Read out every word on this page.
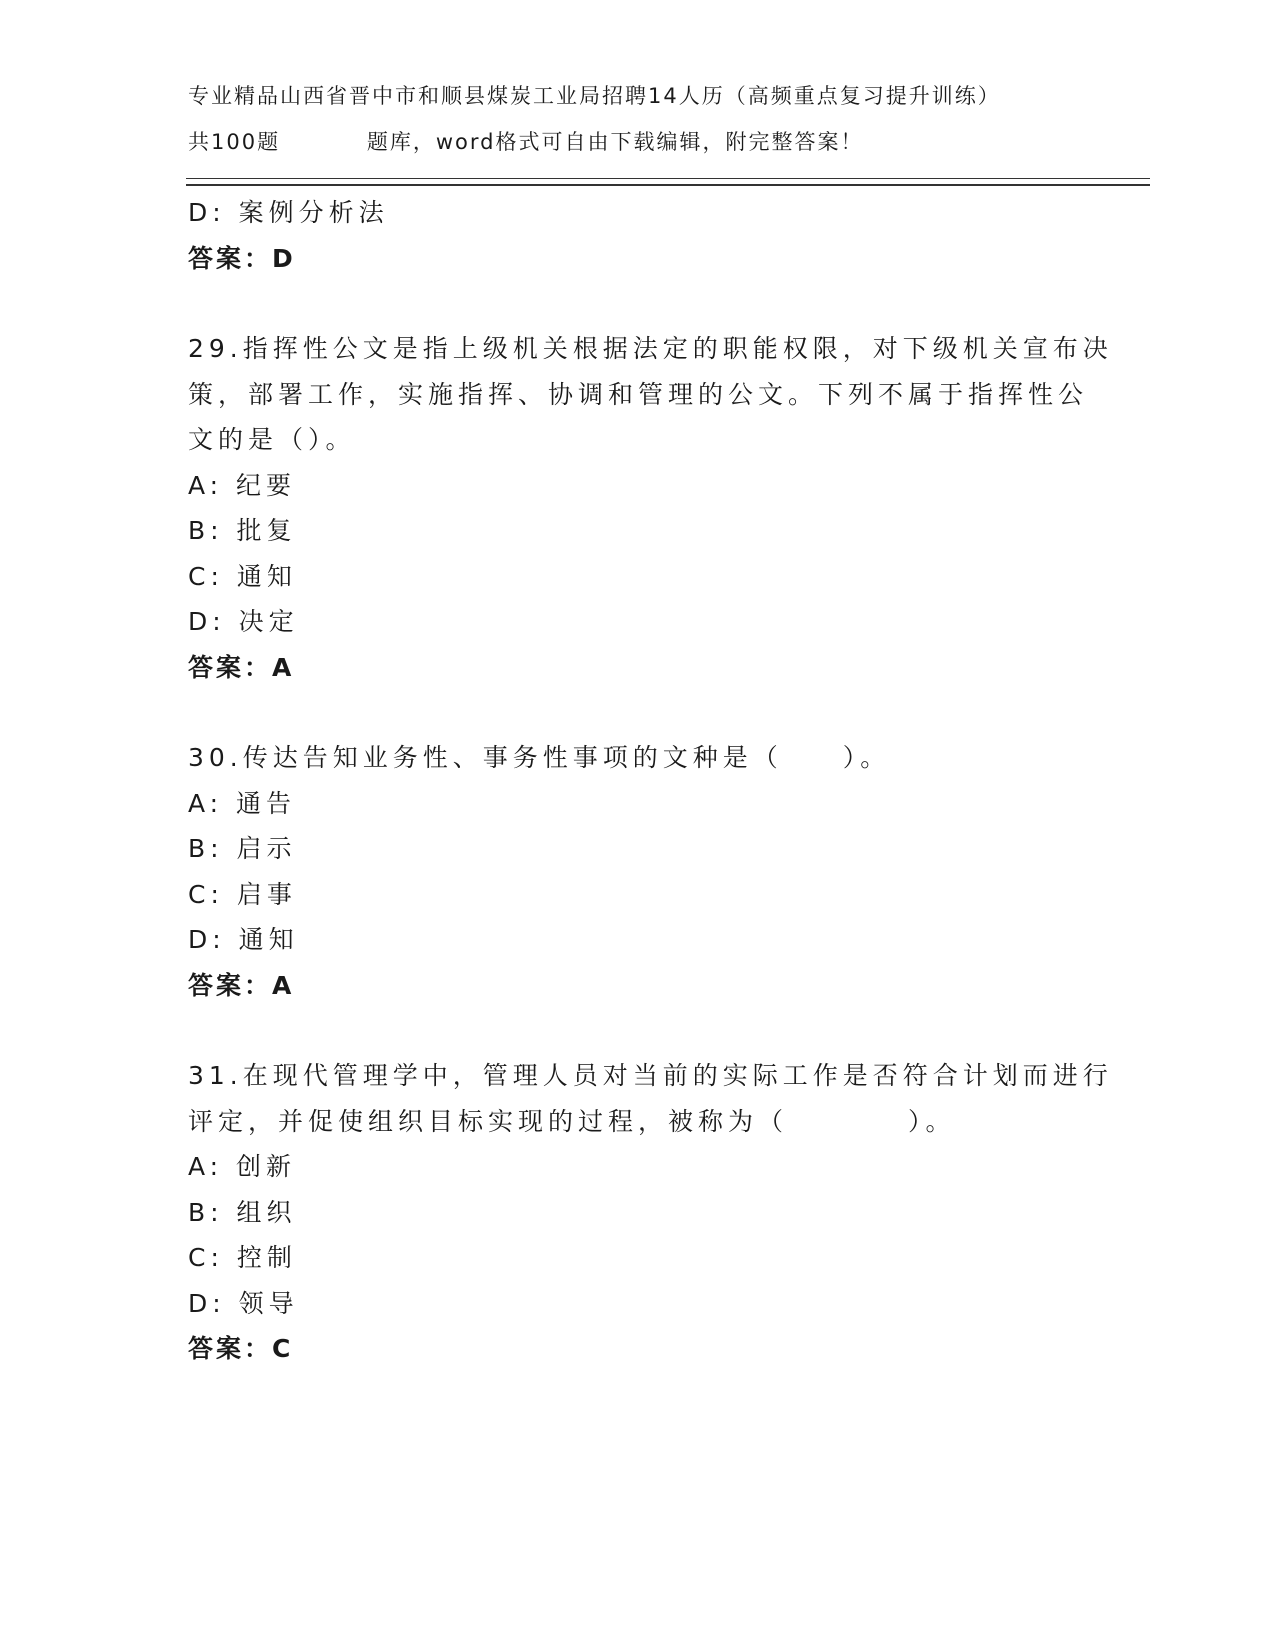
专业精品山西省晋中市和顺县煤炭工业局招聘14人历（高频重点复习提升训练）
共100题          题库，word格式可自由下载编辑，附完整答案！
D: 案例分析法
答案：D
29.指挥性公文是指上级机关根据法定的职能权限，对下级机关宣布决
策，部署工作，实施指挥、协调和管理的公文。下列不属于指挥性公
文的是（）。
A: 纪要
B: 批复
C: 通知
D: 决定
答案：A
30.传达告知业务性、事务性事项的文种是（　　）。
A: 通告
B: 启示
C: 启事
D: 通知
答案：A
31.在现代管理学中，管理人员对当前的实际工作是否符合计划而进行
评定，并促使组织目标实现的过程，被称为（　　　　）。
A: 创新
B: 组织
C: 控制
D: 领导
答案：C
